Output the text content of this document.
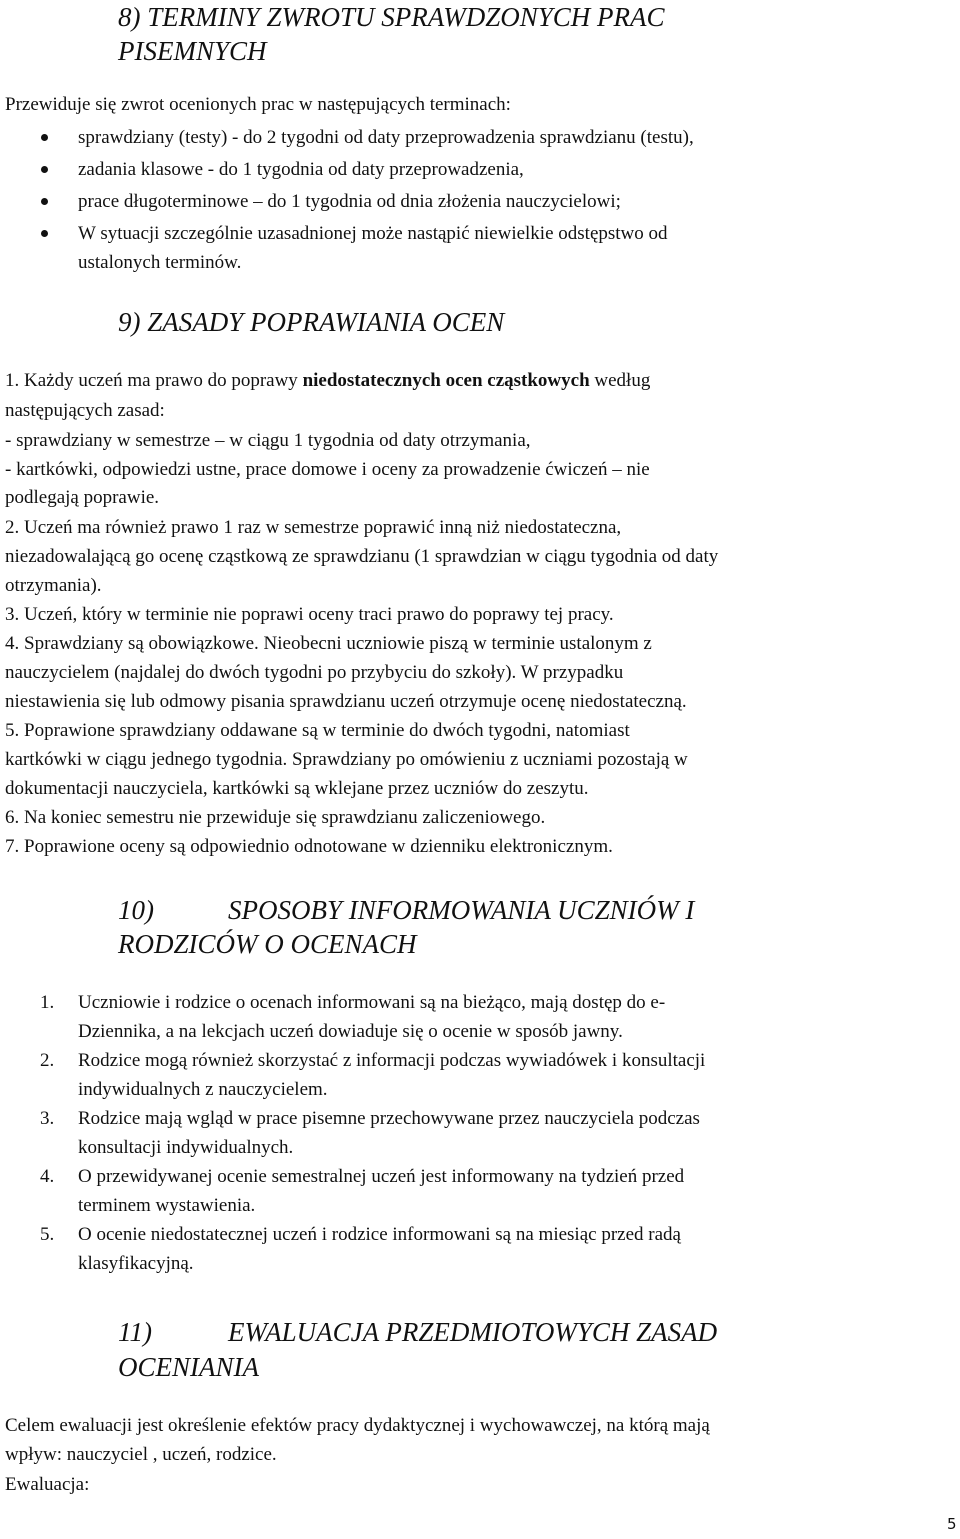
8) TERMINY ZWROTU SPRAWDZONYCH PRAC
PISEMNYCH

Przewiduje się zwrot ocenionych prac w następujących terminach:

sprawdziany (testy) - do 2 tygodni od daty przeprowadzenia sprawdzianu (testu),

zadania klasowe - do 1 tygodnia od daty przeprowadzenia,

prace długoterminowe – do 1 tygodnia od dnia złożenia nauczycielowi;

W sytuacji szczególnie uzasadnionej może nastąpić niewielkie odstępstwo od

ustalonych terminów.

9) ZASADY POPRAWIANIA OCEN

1. Każdy uczeń ma prawo do poprawy niedostatecznych ocen cząstkowych według

następujących zasad:

- sprawdziany w semestrze – w ciągu 1 tygodnia od daty otrzymania,

- kartkówki, odpowiedzi ustne, prace domowe i oceny za prowadzenie ćwiczeń – nie

podlegają poprawie.

2. Uczeń ma również prawo 1 raz w semestrze poprawić inną niż niedostateczna,

niezadowalającą go ocenę cząstkową ze sprawdzianu (1 sprawdzian w ciągu tygodnia od daty

otrzymania).

3. Uczeń, który w terminie nie poprawi oceny traci prawo do poprawy tej pracy.

4. Sprawdziany są obowiązkowe. Nieobecni uczniowie piszą w terminie ustalonym z

nauczycielem (najdalej do dwóch tygodni po przybyciu do szkoły). W przypadku

niestawienia się lub odmowy pisania sprawdzianu uczeń otrzymuje ocenę niedostateczną.

5. Poprawione sprawdziany oddawane są w terminie do dwóch tygodni, natomiast

kartkówki w ciągu jednego tygodnia. Sprawdziany po omówieniu z uczniami pozostają w

dokumentacji nauczyciela, kartkówki są wklejane przez uczniów do zeszytu.

6. Na koniec semestru nie przewiduje się sprawdzianu zaliczeniowego.

7. Poprawione oceny są odpowiednio odnotowane w dzienniku elektronicznym.

10)	SPOSOBY INFORMOWANIA UCZNIÓW I
RODZICÓW O OCENACH
1. Uczniowie i rodzice o ocenach informowani są na bieżąco, mają dostęp do e-

Dziennika, a na lekcjach uczeń dowiaduje się o ocenie w sposób jawny.

2. Rodzice mogą również skorzystać z informacji podczas wywiadówek i konsultacji

indywidualnych z nauczycielem.

3. Rodzice mają wgląd w prace pisemne przechowywane przez nauczyciela podczas

konsultacji indywidualnych.

4. O przewidywanej ocenie semestralnej uczeń jest informowany na tydzień przed

terminem wystawienia.

5. O ocenie niedostatecznej uczeń i rodzice informowani są na miesiąc przed radą

klasyfikacyjną.

11)	EWALUACJA PRZEDMIOTOWYCH ZASAD
OCENIANIA

Celem ewaluacji jest określenie efektów pracy dydaktycznej i wychowawczej, na którą mają

wpływ: nauczyciel , uczeń, rodzice.

Ewaluacja:

5
